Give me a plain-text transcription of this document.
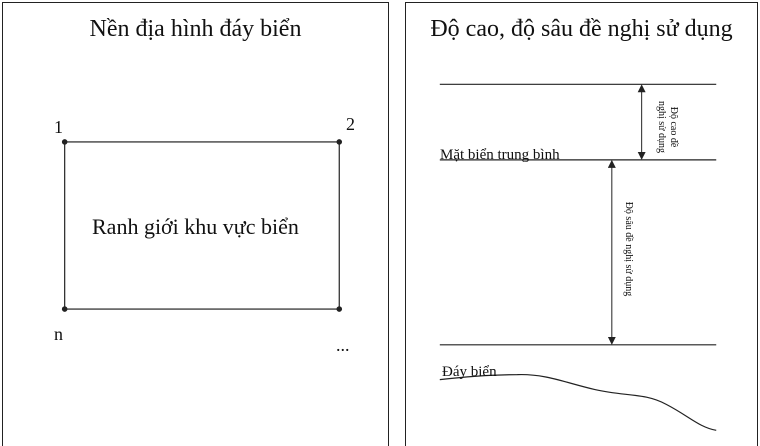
Nền địa hình đáy biển
1	2
n
...
Ranh giới khu vực biển
Độ cao, độ sâu đề nghị sử dụng
Mặt biển trung bình
Đáy biển
Độ cao đề
nghị sử dụng
Độ sâu đề nghị sử dụng
